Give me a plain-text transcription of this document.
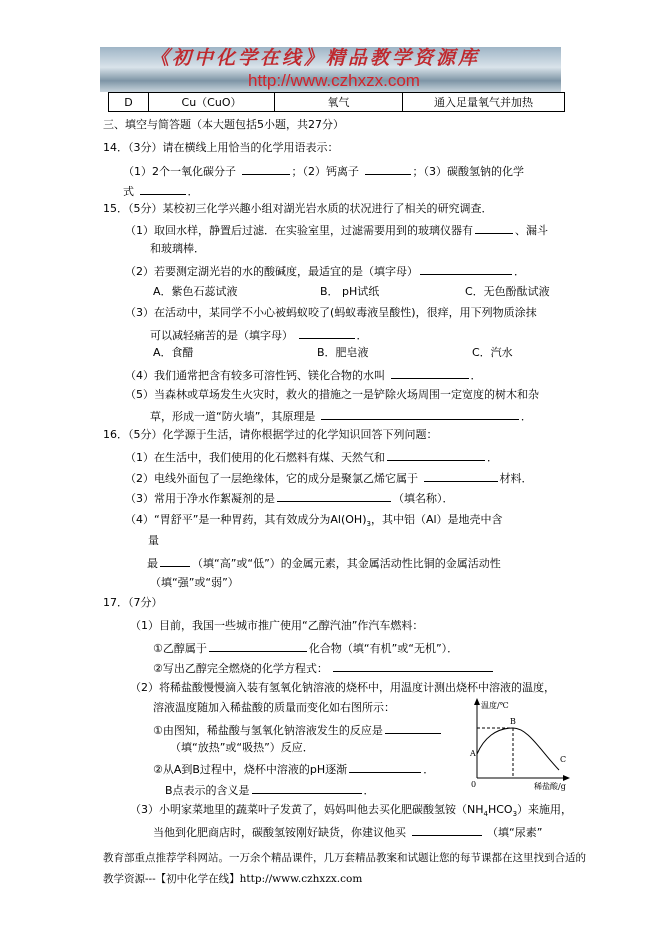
《初中化学在线》精品教学资源库
http://www.czhxzx.com
D	Cu（CuO）	氧气	通入足量氧气并加热
三、填空与简答题（本大题包括5小题，共27分）
14．（3分）请在横线上用恰当的化学用语表示：
（1）2个一氧化碳分子	；（2）钙离子	；（3）碳酸氢钠的化学
式	．
15．（5分）某校初三化学兴趣小组对湖光岩水质的状况进行了相关的研究调查．
（1）取回水样，静置后过滤．在实验室里，过滤需要用到的玻璃仪器有	、漏斗
和玻璃棒．
（2）若要测定湖光岩的水的酸碱度，最适宜的是（填字母）	．
A．紫色石蕊试液	B． pH试纸	C．无色酚酞试液
（3）在活动中，某同学不小心被蚂蚁咬了(蚂蚁毒液呈酸性)，很痒，用下列物质涂抹
可以减轻痛苦的是（填字母）	．
A．食醋	B．肥皂液	C．汽水
（4）我们通常把含有较多可溶性钙、镁化合物的水叫	．
（5）当森林或草场发生火灾时，救火的措施之一是铲除火场周围一定宽度的树木和杂
草，形成一道“防火墙”，其原理是	．
16．（5分）化学源于生活，请你根据学过的化学知识回答下列问题：
（1）在生活中，我们使用的化石燃料有煤、天然气和	．
（2）电线外面包了一层绝缘体，它的成分是聚氯乙烯它属于	材料．
（3）常用于净水作絮凝剂的是	（填名称）．
（4）“胃舒平”是一种胃药，其有效成分为$Al(OH)_3$，其中铝（Al）是地壳中含
量
最	（填“高”或“低”）的金属元素，其金属活动性比铜的金属活动性
（填“强”或“弱”）
17．（7分）
（1）目前，我国一些城市推广使用“乙醇汽油”作汽车燃料：
①乙醇属于	化合物（填“有机”或“无机”）．
②写出乙醇完全燃烧的化学方程式：
（2）将稀盐酸慢慢滴入装有氢氧化钠溶液的烧杯中，用温度计测出烧杯中溶液的温度，
溶液温度随加入稀盐酸的质量而变化如右图所示：
①由图知，稀盐酸与氢氧化钠溶液发生的反应是
（填“放热”或“吸热”）反应．
②从A到B过程中，烧杯中溶液的pH逐渐	．
B点表示的含义是	．
（3）小明家菜地里的蔬菜叶子发黄了，妈妈叫他去买化肥碳酸氢铵$(NH_4HCO_3)$来施用，
当他到化肥商店时，碳酸氢铵刚好缺货，你建议他买	（填“尿素”
温度/℃
A
B
C
0	稀盐酸/g
教育部重点推荐学科网站。一万余个精品课件，几万套精品教案和试题让您的每节课都在这里找到合适的
教学资源---【初中化学在线】http://www.czhxzx.com
